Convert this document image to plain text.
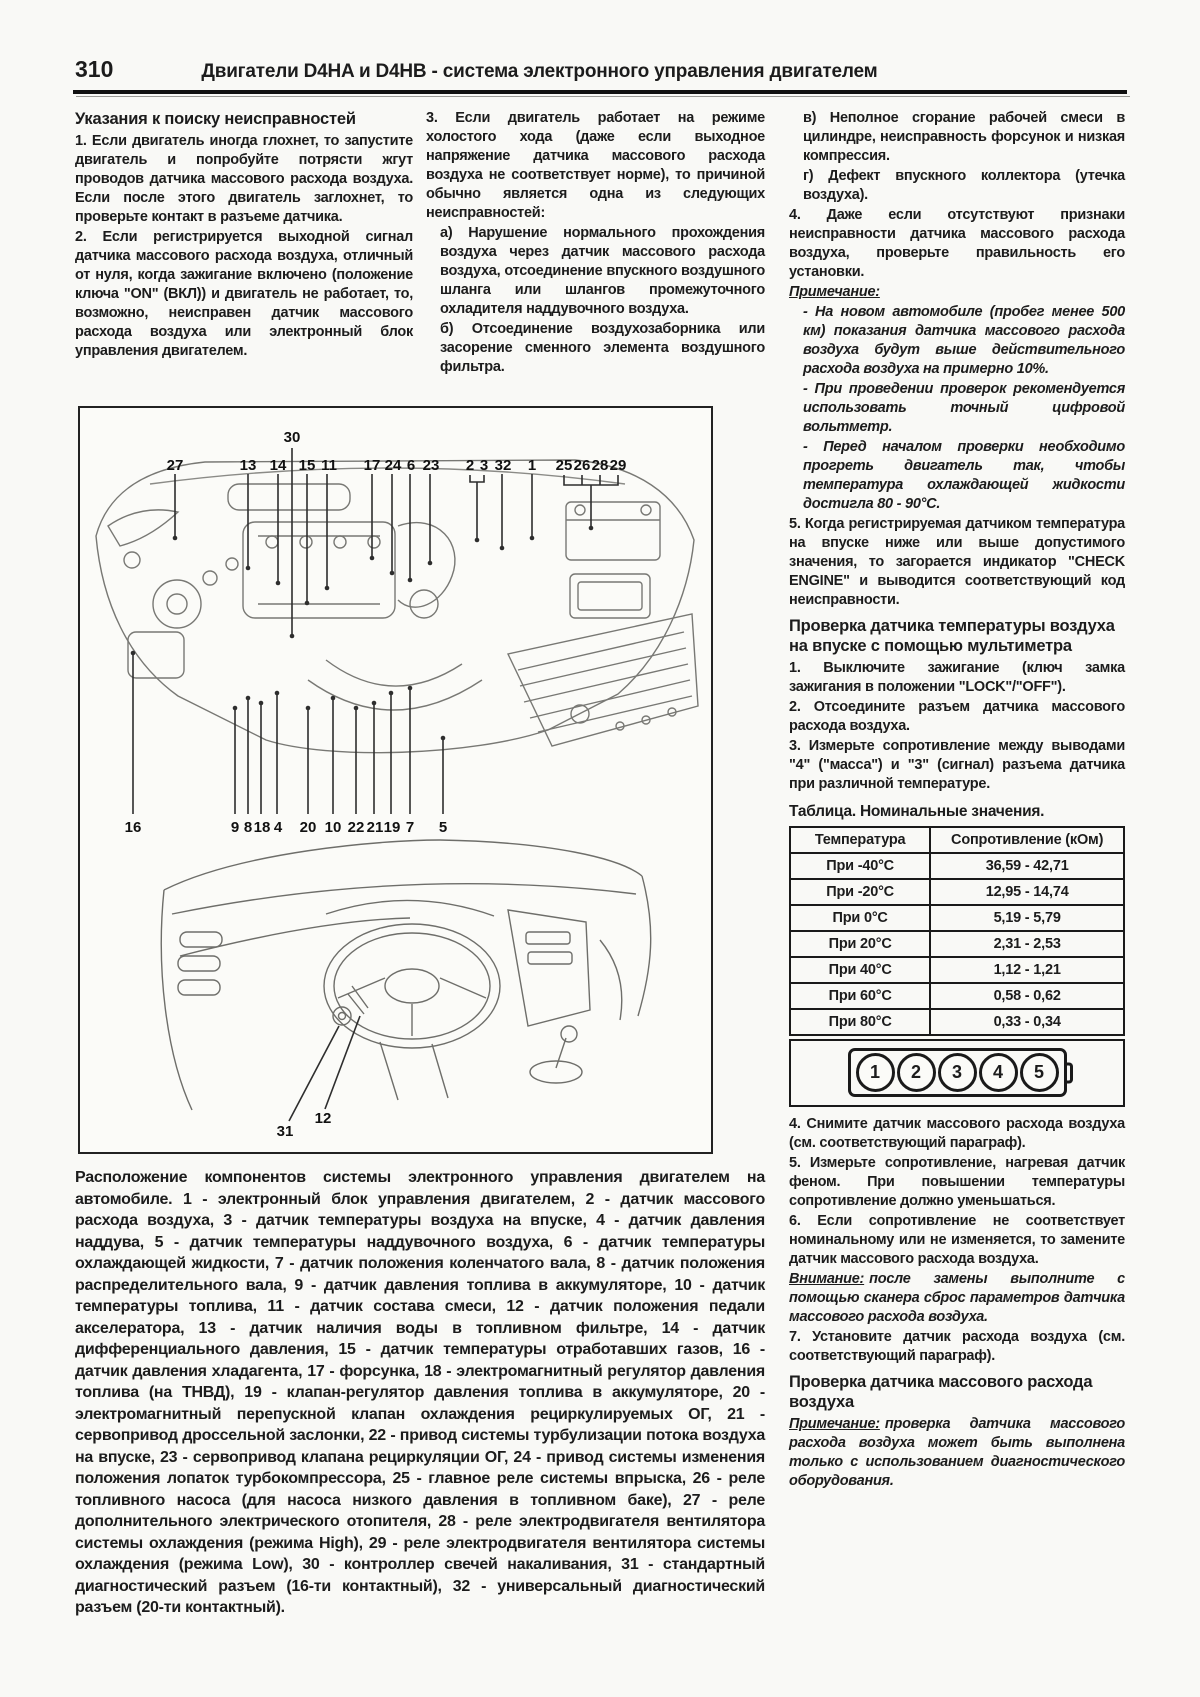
310	Двигатели D4HA и D4HB - система электронного управления двигателем
Указания к поиску неисправностей

1. Если двигатель иногда глохнет, то запустите двигатель и попробуйте потрясти жгут проводов датчика массового расхода воздуха. Если после этого двигатель заглохнет, то проверьте контакт в разъеме датчика.

2. Если регистрируется выходной сигнал датчика массового расхода воздуха, отличный от нуля, когда зажигание включено (положение ключа "ON" (ВКЛ)) и двигатель не работает, то, возможно, неисправен датчик массового расхода воздуха или электронный блок управления двигателем.

3. Если двигатель работает на режиме холостого хода (даже если выходное напряжение датчика массового расхода воздуха не соответствует норме), то причиной обычно является одна из следующих неисправностей:

а) Нарушение нормального прохождения воздуха через датчик массового расхода воздуха, отсоединение впускного воздушного шланга или шлангов промежуточного охладителя наддувочного воздуха.

б) Отсоединение воздухозаборника или засорение сменного элемента воздушного фильтра.

30
27	13 14 15 11 17 24 6 23 2 3 32 1 25 26 28 29
16	9 8 18 4 20 10 22 21 19 7 5
31
12

Расположение компонентов системы электронного управления двигателем на автомобиле. 1 - электронный блок управления двигателем, 2 - датчик массового расхода воздуха, 3 - датчик температуры воздуха на впуске, 4 - датчик давления наддува, 5 - датчик температуры наддувочного воздуха, 6 - датчик температуры охлаждающей жидкости, 7 - датчик положения коленчатого вала, 8 - датчик положения распределительного вала, 9 - датчик давления топлива в аккумуляторе, 10 - датчик температуры топлива, 11 - датчик состава смеси, 12 - датчик положения педали акселератора, 13 - датчик наличия воды в топливном фильтре, 14 - датчик дифференциального давления, 15 - датчик температуры отработавших газов, 16 - датчик давления хладагента, 17 - форсунка, 18 - электромагнитный регулятор давления топлива (на ТНВД), 19 - клапан-регулятор давления топлива в аккумуляторе, 20 - электромагнитный перепускной клапан охлаждения рециркулируемых ОГ, 21 - сервопривод дроссельной заслонки, 22 - привод системы турбулизации потока воздуха на впуске, 23 - сервопривод клапана рециркуляции ОГ, 24 - привод системы изменения положения лопаток турбокомпрессора, 25 - главное реле системы впрыска, 26 - реле топливного насоса (для насоса низкого давления в топливном баке), 27 - реле дополнительного электрического отопителя, 28 - реле электродвигателя вентилятора системы охлаждения (режима High), 29 - реле электродвигателя вентилятора системы охлаждения (режима Low), 30 - контроллер свечей накаливания, 31 - стандартный диагностический разъем (16-ти контактный), 32 - универсальный диагностический разъем (20-ти контактный).

в) Неполное сгорание рабочей смеси в цилиндре, неисправность форсунок и низкая компрессия.

г) Дефект впускного коллектора (утечка воздуха).

4. Даже если отсутствуют признаки неисправности датчика массового расхода воздуха, проверьте правильность его установки.

Примечание:

- На новом автомобиле (пробег менее 500 км) показания датчика массового расхода воздуха будут выше действительного расхода воздуха на примерно 10%.

- При проведении проверок рекомендуется использовать точный цифровой вольтметр.

- Перед началом проверки необходимо прогреть двигатель так, чтобы температура охлаждающей жидкости достигла 80 - 90°С.

5. Когда регистрируемая датчиком температура на впуске ниже или выше допустимого значения, то загорается индикатор "CHECK ENGINE" и выводится соответствующий код неисправности.

Проверка датчика температуры воздуха на впуске с помощью мультиметра

1. Выключите зажигание (ключ замка зажигания в положении "LOCK"/"OFF").

2. Отсоедините разъем датчика массового расхода воздуха.

3. Измерьте сопротивление между выводами "4" ("масса") и "3" (сигнал) разъема датчика при различной температуре.

Таблица. Номинальные значения.

Температура	Сопротивление (кОм)
При -40°С	36,59 - 42,71
При -20°С	12,95 - 14,74
При 0°С	5,19 - 5,79
При 20°С	2,31 - 2,53
При 40°С	1,12 - 1,21
При 60°С	0,58 - 0,62
При 80°С	0,33 - 0,34
1	2	3	4	5

4. Снимите датчик массового расхода воздуха (см. соответствующий параграф).

5. Измерьте сопротивление, нагревая датчик феном. При повышении температуры сопротивление должно уменьшаться.

6. Если сопротивление не соответствует номинальному или не изменяется, то замените датчик массового расхода воздуха.

Внимание: после замены выполните с помощью сканера сброс параметров датчика массового расхода воздуха.

7. Установите датчик расхода воздуха (см. соответствующий параграф).

Проверка датчика массового расхода воздуха

Примечание: проверка датчика массового расхода воздуха может быть выполнена только с использованием диагностического оборудования.
